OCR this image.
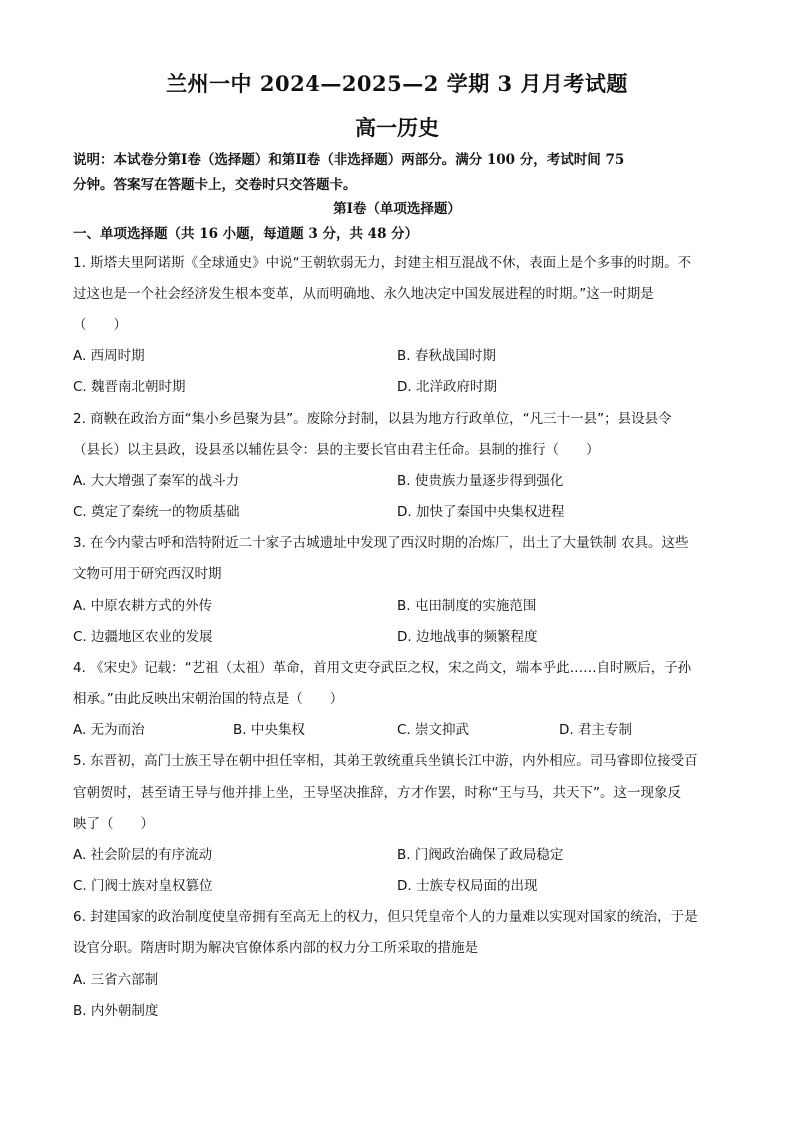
兰州一中 2024—2025—2 学期 3 月月考试题
高一历史
说明：本试卷分第Ⅰ卷（选择题）和第Ⅱ卷（非选择题）两部分。满分 100 分，考试时间 75
分钟。答案写在答题卡上，交卷时只交答题卡。
第Ⅰ卷（单项选择题）
一、单项选择题（共 16 小题，每道题 3 分，共 48 分）
1. 斯塔夫里阿诺斯《全球通史》中说“王朝软弱无力，封建主相互混战不休，表面上是个多事的时期。不
过这也是一个社会经济发生根本变革，从而明确地、永久地决定中国发展进程的时期。”这一时期是
（　　）
A. 西周时期	B. 春秋战国时期
C. 魏晋南北朝时期	D. 北洋政府时期
2. 商鞅在政治方面“集小乡邑聚为县”。废除分封制，以县为地方行政单位，“凡三十一县”；县设县令
（县长）以主县政，设县丞以辅佐县令：县的主要长官由君主任命。县制的推行（　　）
A. 大大增强了秦军的战斗力	B. 使贵族力量逐步得到强化
C. 奠定了秦统一的物质基础	D. 加快了秦国中央集权进程
3. 在今内蒙古呼和浩特附近二十家子古城遗址中发现了西汉时期的冶炼厂，出土了大量铁制 农具。这些
文物可用于研究西汉时期
A. 中原农耕方式的外传	B. 屯田制度的实施范围
C. 边疆地区农业的发展	D. 边地战事的频繁程度
4. 《宋史》记载：“艺祖（太祖）革命，首用文吏夺武臣之权，宋之尚文，端本乎此……自时厥后，子孙
相承。”由此反映出宋朝治国的特点是（　　）
A. 无为而治	B. 中央集权	C. 崇文抑武	D. 君主专制
5. 东晋初，高门士族王导在朝中担任宰相，其弟王敦统重兵坐镇长江中游，内外相应。司马睿即位接受百
官朝贺时，甚至请王导与他并排上坐，王导坚决推辞，方才作罢，时称“王与马，共天下”。这一现象反
映了（　　）
A. 社会阶层的有序流动	B. 门阀政治确保了政局稳定
C. 门阀士族对皇权篡位	D. 士族专权局面的出现
6. 封建国家的政治制度使皇帝拥有至高无上的权力，但只凭皇帝个人的力量难以实现对国家的统治，于是
设官分职。隋唐时期为解决官僚体系内部的权力分工所采取的措施是
A. 三省六部制
B. 内外朝制度
